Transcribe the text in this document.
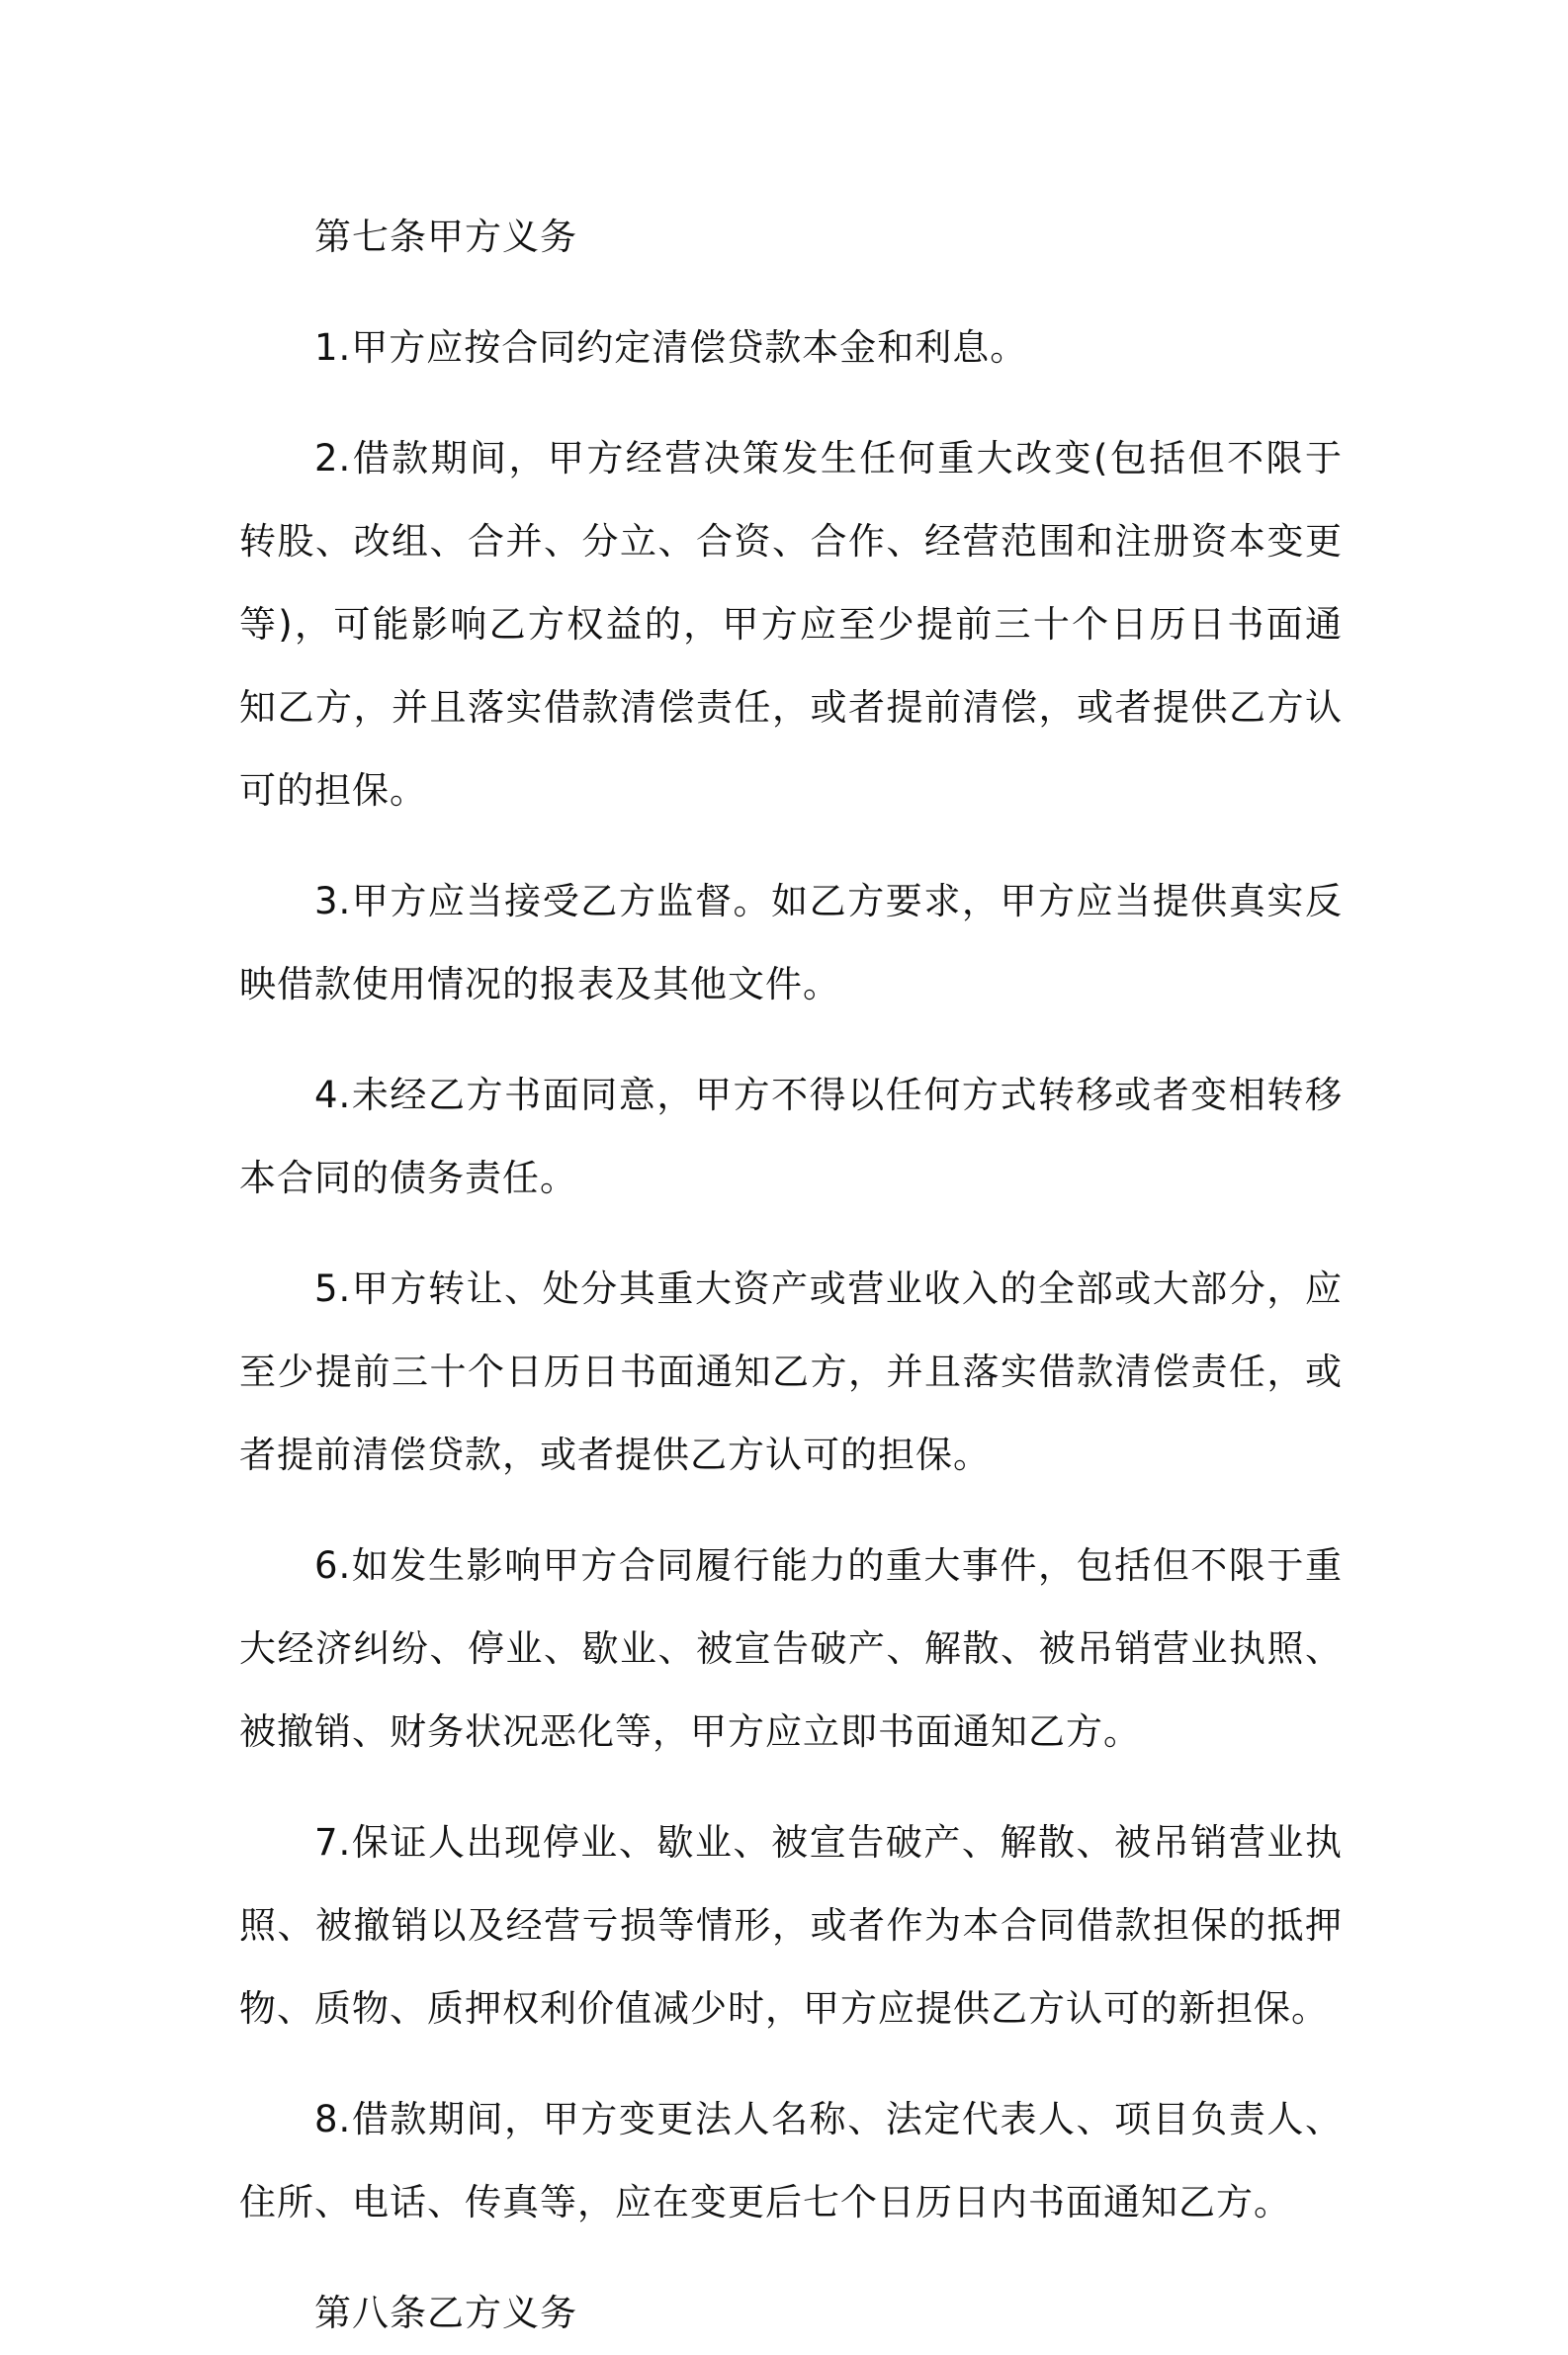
第七条甲方义务

1.甲方应按合同约定清偿贷款本金和利息。

2.借款期间，甲方经营决策发生任何重大改变(包括但不限于转股、改组、合并、分立、合资、合作、经营范围和注册资本变更等)，可能影响乙方权益的，甲方应至少提前三十个日历日书面通知乙方，并且落实借款清偿责任，或者提前清偿，或者提供乙方认可的担保。

3.甲方应当接受乙方监督。如乙方要求，甲方应当提供真实反映借款使用情况的报表及其他文件。

4.未经乙方书面同意，甲方不得以任何方式转移或者变相转移本合同的债务责任。

5.甲方转让、处分其重大资产或营业收入的全部或大部分，应至少提前三十个日历日书面通知乙方，并且落实借款清偿责任，或者提前清偿贷款，或者提供乙方认可的担保。

6.如发生影响甲方合同履行能力的重大事件，包括但不限于重大经济纠纷、停业、歇业、被宣告破产、解散、被吊销营业执照、被撤销、财务状况恶化等，甲方应立即书面通知乙方。

7.保证人出现停业、歇业、被宣告破产、解散、被吊销营业执照、被撤销以及经营亏损等情形，或者作为本合同借款担保的抵押物、质物、质押权利价值减少时，甲方应提供乙方认可的新担保。

8.借款期间，甲方变更法人名称、法定代表人、项目负责人、住所、电话、传真等，应在变更后七个日历日内书面通知乙方。

第八条乙方义务
